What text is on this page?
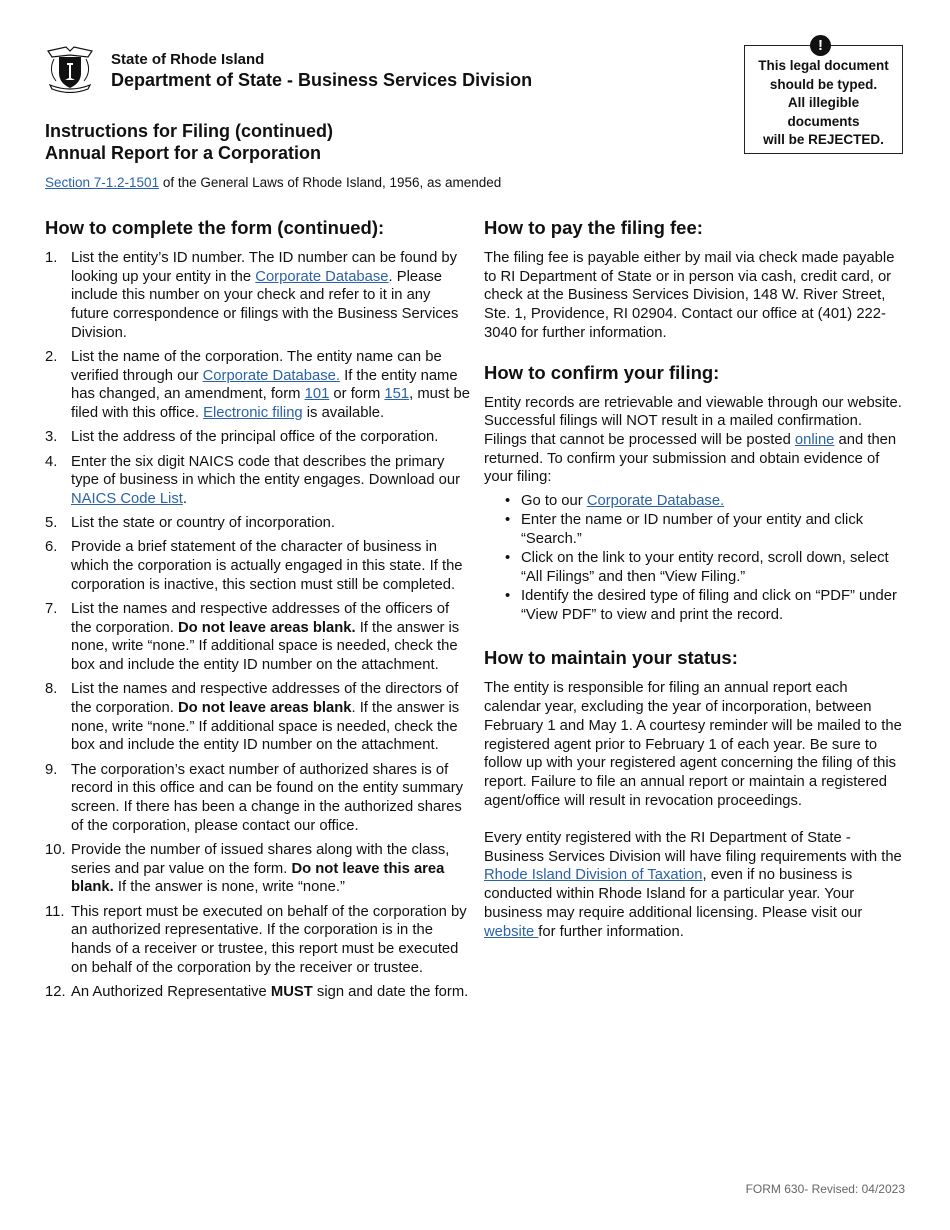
State of Rhode Island
Department of State - Business Services Division
!
This legal document
should be typed.
All illegible
documents
will be REJECTED.
Instructions for Filing (continued)
Annual Report for a Corporation
Section 7-1.2-1501 of the General Laws of Rhode Island, 1956, as amended
How to complete the form (continued):
1. List the entity’s ID number. The ID number can be found by looking up your entity in the Corporate Database. Please include this number on your check and refer to it in any future correspondence or filings with the Business Services Division.
2. List the name of the corporation. The entity name can be verified through our Corporate Database. If the entity name has changed, an amendment, form 101 or form 151, must be filed with this office. Electronic filing is available.
3. List the address of the principal office of the corporation.
4. Enter the six digit NAICS code that describes the primary type of business in which the entity engages. Download our NAICS Code List.
5. List the state or country of incorporation.
6. Provide a brief statement of the character of business in which the corporation is actually engaged in this state. If the corporation is inactive, this section must still be completed.
7. List the names and respective addresses of the officers of the corporation. Do not leave areas blank. If the answer is none, write “none.” If additional space is needed, check the box and include the entity ID number on the attachment.
8. List the names and respective addresses of the directors of the corporation. Do not leave areas blank. If the answer is none, write “none.” If additional space is needed, check the box and include the entity ID number on the attachment.
9. The corporation’s exact number of authorized shares is of record in this office and can be found on the entity summary screen. If there has been a change in the authorized shares of the corporation, please contact our office.
10. Provide the number of issued shares along with the class, series and par value on the form. Do not leave this area blank. If the answer is none, write “none.”
11. This report must be executed on behalf of the corporation by an authorized representative. If the corporation is in the hands of a receiver or trustee, this report must be executed on behalf of the corporation by the receiver or trustee.
12. An Authorized Representative MUST sign and date the form.
How to pay the filing fee:

The filing fee is payable either by mail via check made payable to RI Department of State or in person via cash, credit card, or check at the Business Services Division, 148 W. River Street, Ste. 1, Providence, RI 02904. Contact our office at (401) 222-3040 for further information.

How to confirm your filing:

Entity records are retrievable and viewable through our website. Successful filings will NOT result in a mailed confirmation. Filings that cannot be processed will be posted online and then returned. To confirm your submission and obtain evidence of your filing:

• Go to our Corporate Database.
• Enter the name or ID number of your entity and click “Search.”
• Click on the link to your entity record, scroll down, select “All Filings” and then “View Filing.”
• Identify the desired type of filing and click on “PDF” under “View PDF” to view and print the record.
How to maintain your status:

The entity is responsible for filing an annual report each calendar year, excluding the year of incorporation, between February 1 and May 1. A courtesy reminder will be mailed to the registered agent prior to February 1 of each year. Be sure to follow up with your registered agent concerning the filing of this report. Failure to file an annual report or maintain a registered agent/office will result in revocation proceedings.

Every entity registered with the RI Department of State - Business Services Division will have filing requirements with the Rhode Island Division of Taxation, even if no business is conducted within Rhode Island for a particular year. Your business may require additional licensing. Please visit our website for further information.

FORM 630- Revised: 04/2023
